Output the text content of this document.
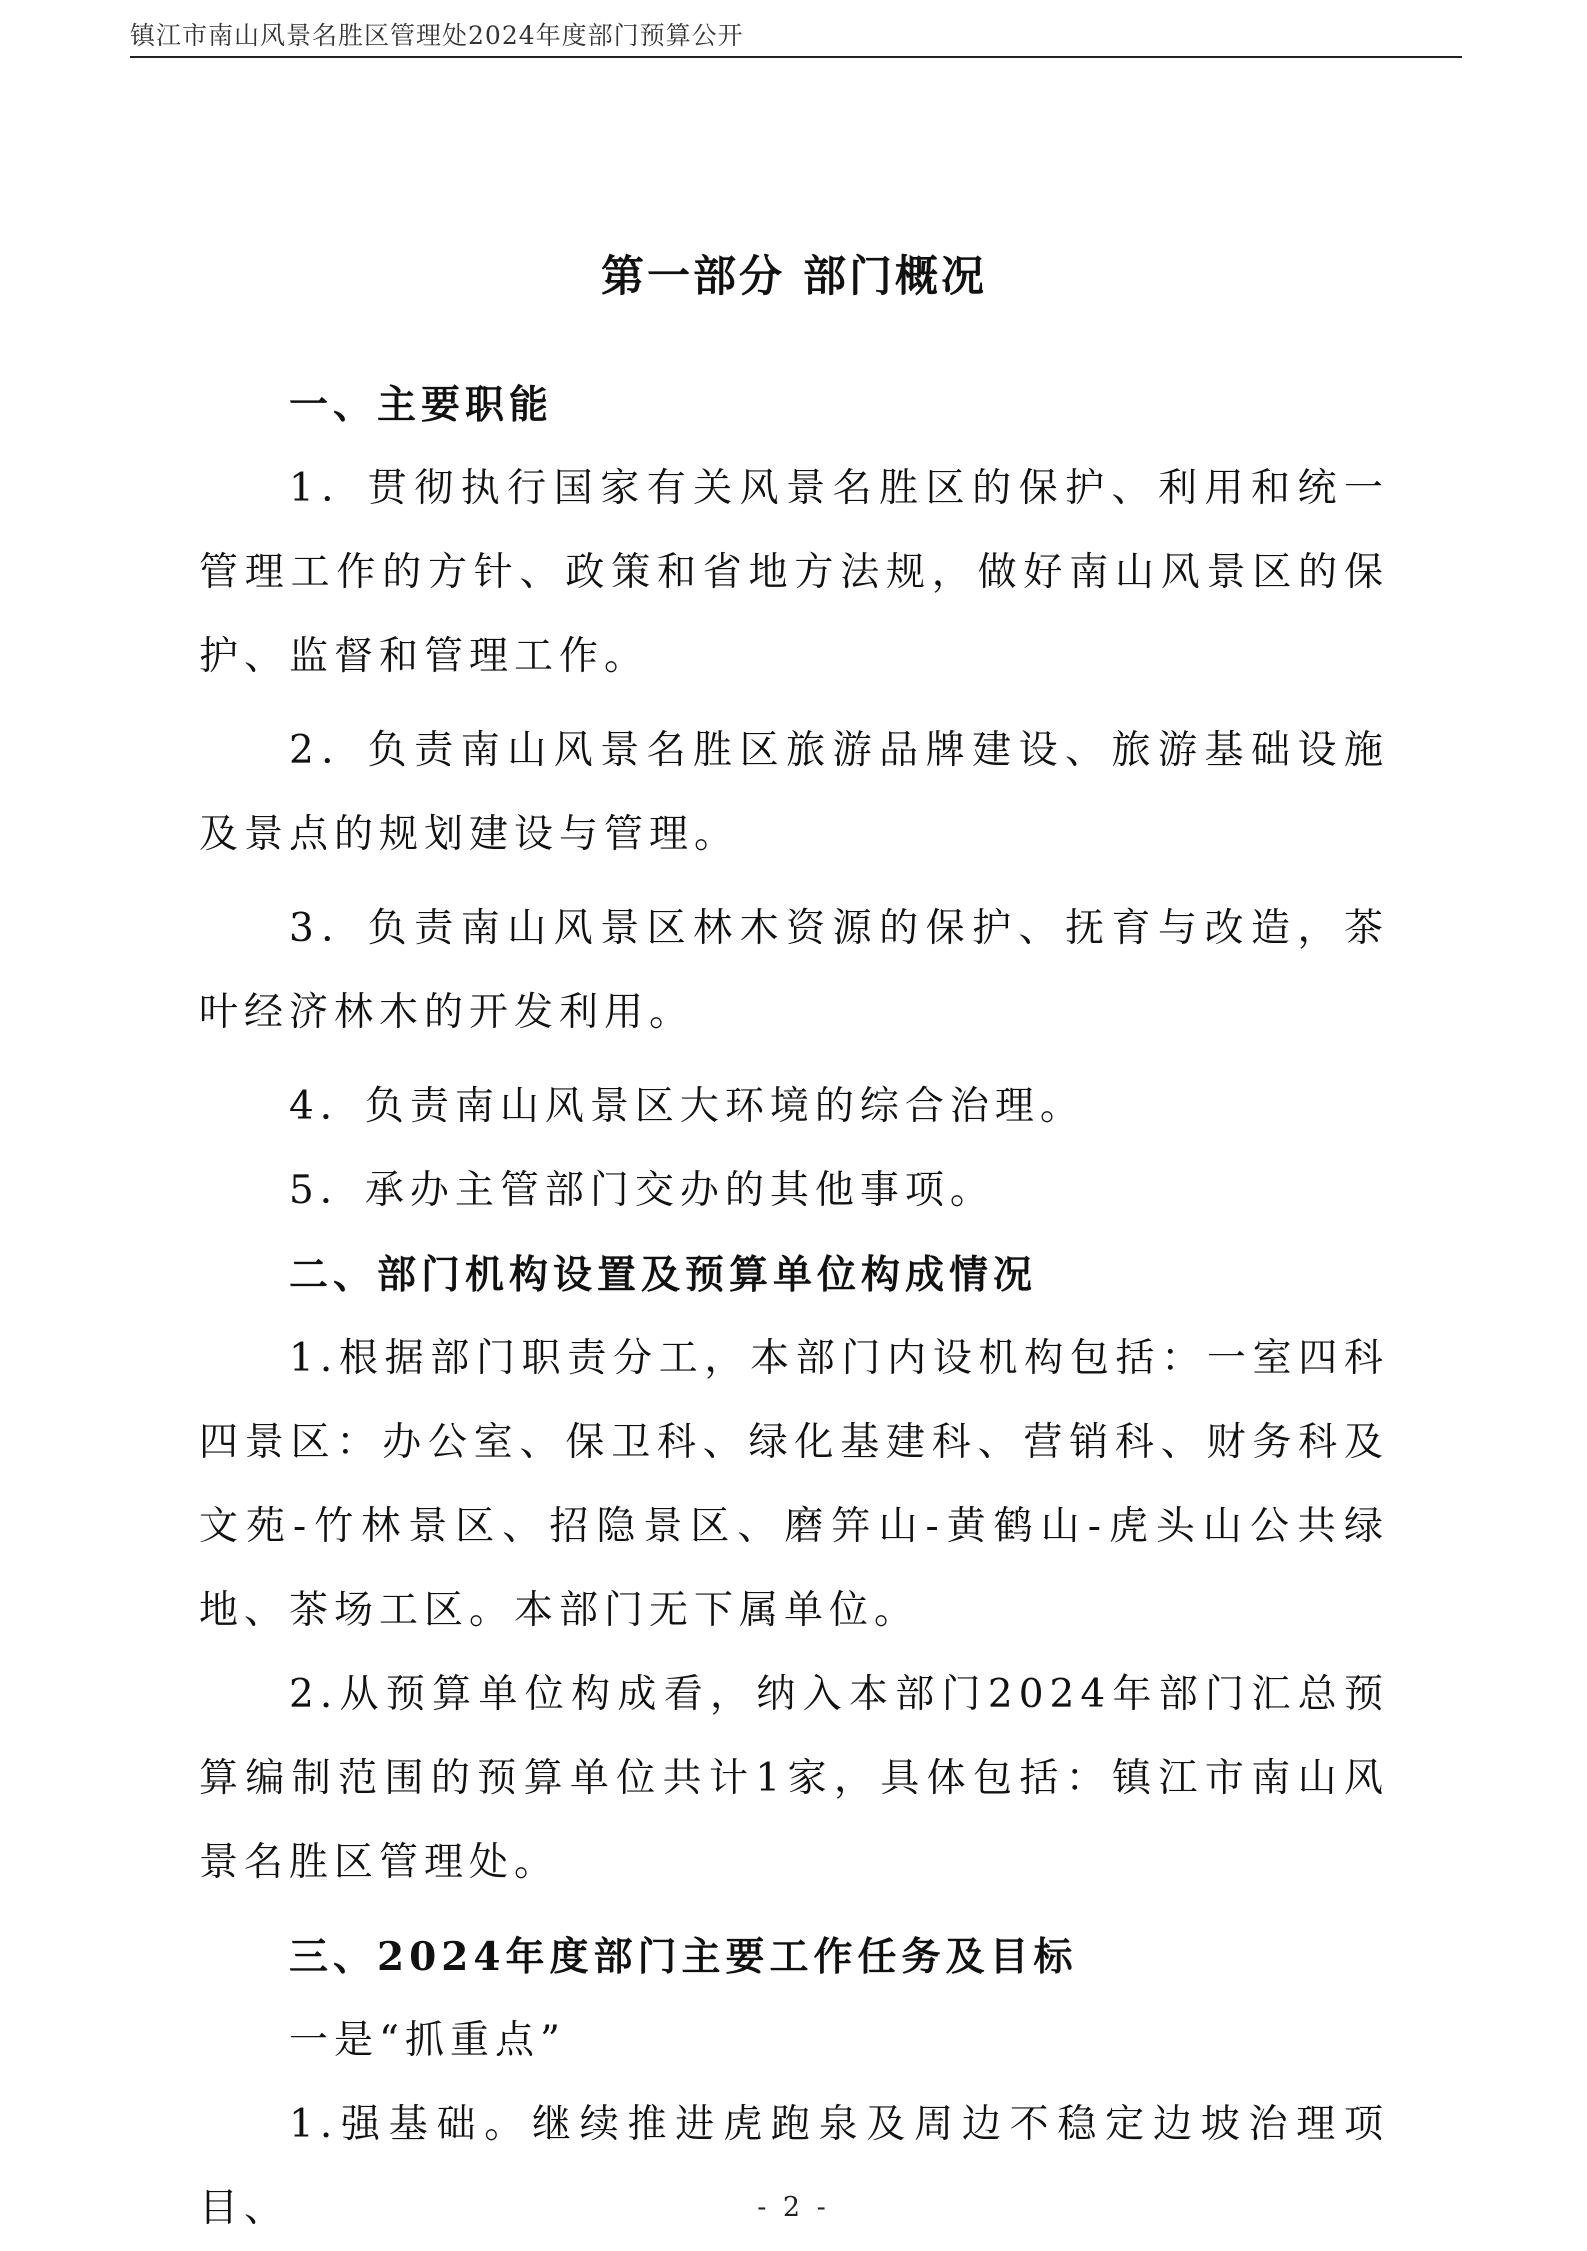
镇江市南山风景名胜区管理处2024年度部门预算公开
第一部分 部门概况

一、主要职能

1．贯彻执行国家有关风景名胜区的保护、利用和统一管理工作的方针、政策和省地方法规，做好南山风景区的保护、监督和管理工作。

2．负责南山风景名胜区旅游品牌建设、旅游基础设施及景点的规划建设与管理。

3．负责南山风景区林木资源的保护、抚育与改造，茶叶经济林木的开发利用。

4．负责南山风景区大环境的综合治理。

5．承办主管部门交办的其他事项。

二、部门机构设置及预算单位构成情况

1.根据部门职责分工，本部门内设机构包括：一室四科四景区：办公室、保卫科、绿化基建科、营销科、财务科及文苑-竹林景区、招隐景区、磨笄山-黄鹤山-虎头山公共绿地、茶场工区。本部门无下属单位。

2.从预算单位构成看，纳入本部门2024年部门汇总预算编制范围的预算单位共计1家，具体包括：镇江市南山风景名胜区管理处。

三、2024年度部门主要工作任务及目标

一是“抓重点”

1.强基础。继续推进虎跑泉及周边不稳定边坡治理项目、	- 2 -
